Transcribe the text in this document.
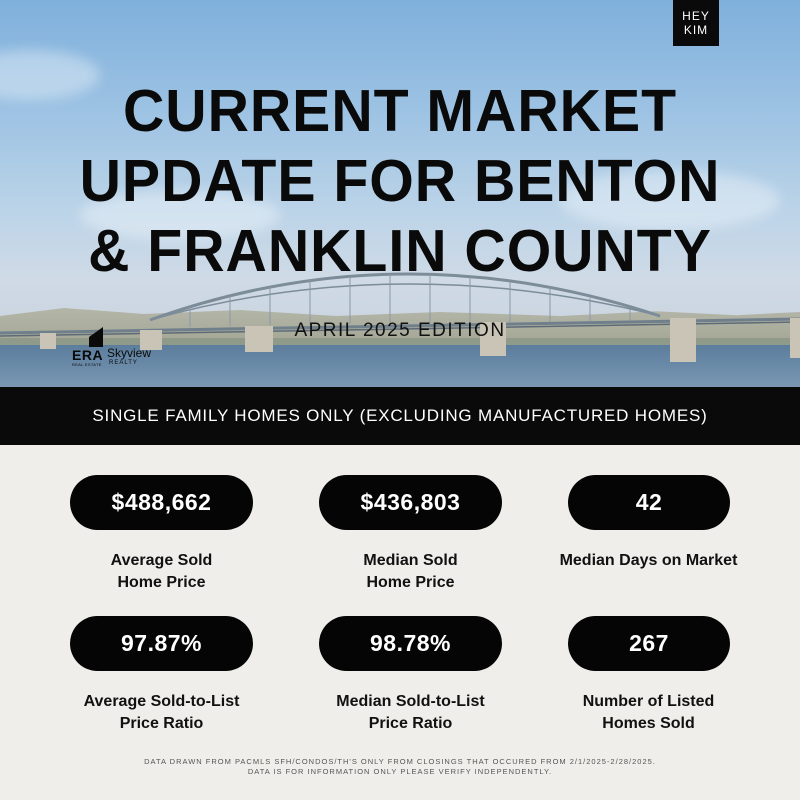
CURRENT MARKET
UPDATE FOR BENTON
& FRANKLIN COUNTY
APRIL 2025 EDITION
HEY
KIM
ERA
REAL ESTATE
Skyview
REALTY
SINGLE FAMILY HOMES ONLY (EXCLUDING MANUFACTURED HOMES)
$488,662
Average Sold
Home Price
$436,803
Median Sold
Home Price
42
Median Days on Market
97.87%
Average Sold-to-List
Price Ratio
98.78%
Median Sold-to-List
Price Ratio
267
Number of Listed
Homes Sold
DATA DRAWN FROM PACMLS SFH/CONDOS/TH'S ONLY FROM CLOSINGS THAT OCCURED FROM 2/1/2025-2/28/2025.
DATA IS FOR INFORMATION ONLY PLEASE VERIFY INDEPENDENTLY.
